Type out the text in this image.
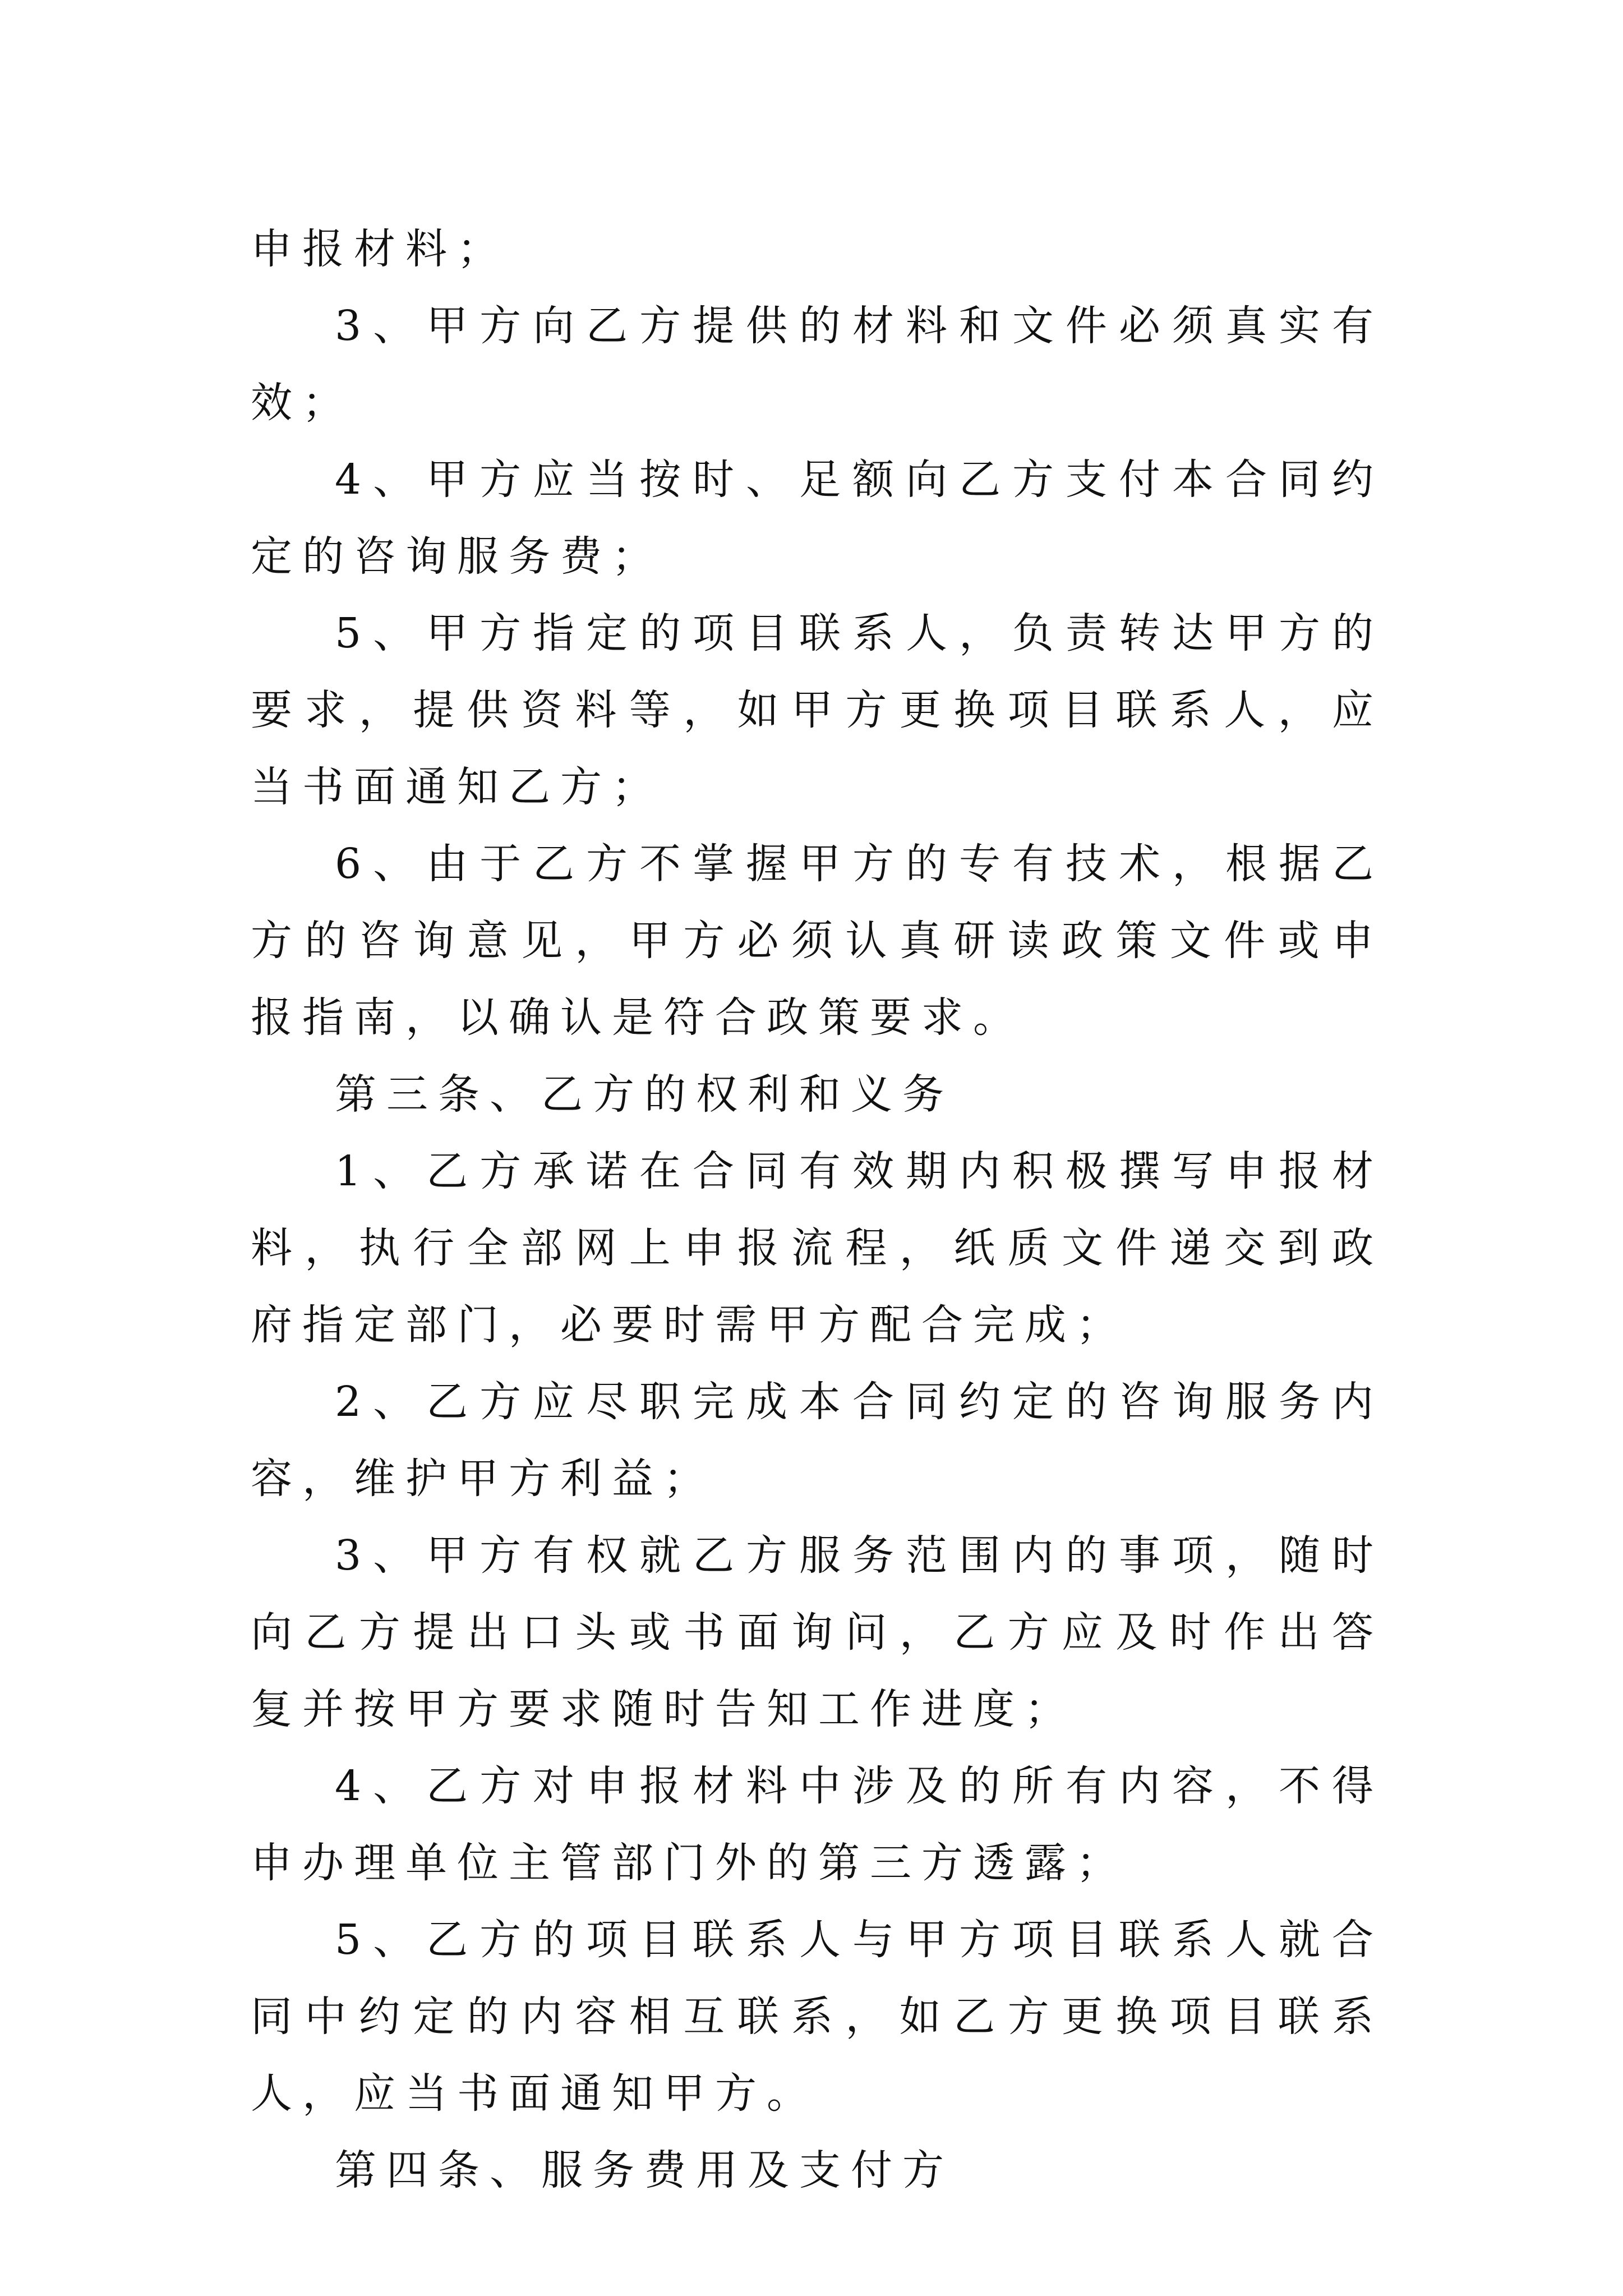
申报材料；

3、甲方向乙方提供的材料和文件必须真实有效；

4、甲方应当按时、足额向乙方支付本合同约定的咨询服务费；

5、甲方指定的项目联系人，负责转达甲方的要求，提供资料等，如甲方更换项目联系人，应当书面通知乙方；

6、由于乙方不掌握甲方的专有技术，根据乙方的咨询意见，甲方必须认真研读政策文件或申报指南，以确认是符合政策要求。

第三条、乙方的权利和义务

1、乙方承诺在合同有效期内积极撰写申报材料，执行全部网上申报流程，纸质文件递交到政府指定部门，必要时需甲方配合完成；

2、乙方应尽职完成本合同约定的咨询服务内容，维护甲方利益；

3、甲方有权就乙方服务范围内的事项，随时向乙方提出口头或书面询问，乙方应及时作出答复并按甲方要求随时告知工作进度；

4、乙方对申报材料中涉及的所有内容，不得申办理单位主管部门外的第三方透露；

5、乙方的项目联系人与甲方项目联系人就合同中约定的内容相互联系，如乙方更换项目联系人，应当书面通知甲方。

第四条、服务费用及支付方
